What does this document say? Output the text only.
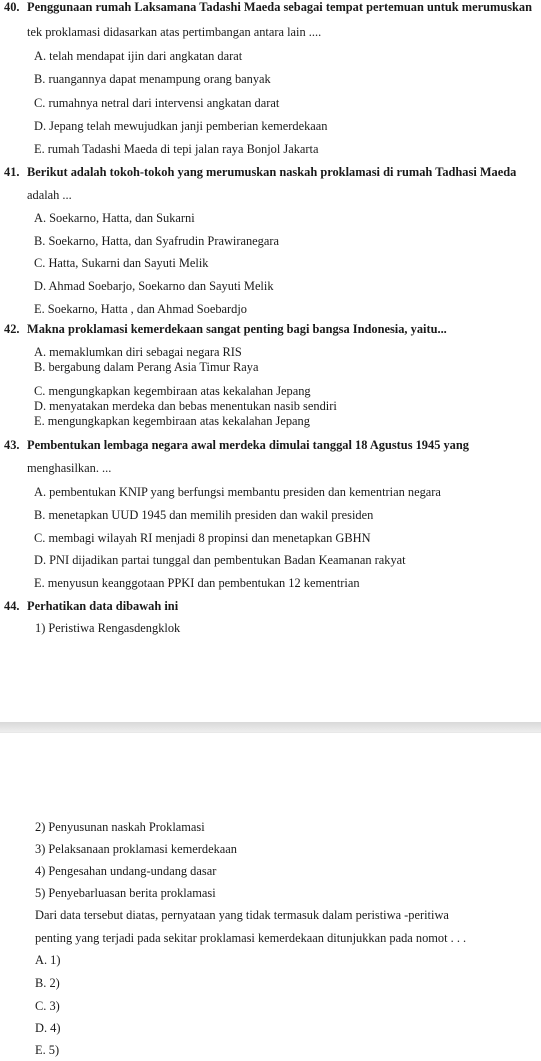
40. Penggunaan rumah Laksamana Tadashi Maeda sebagai tempat pertemuan untuk merumuskan
tek proklamasi didasarkan atas pertimbangan antara lain ....
A. telah mendapat ijin dari angkatan darat
B. ruangannya dapat menampung orang banyak
C. rumahnya netral dari intervensi angkatan darat
D. Jepang telah mewujudkan janji pemberian kemerdekaan
E. rumah Tadashi Maeda di tepi jalan raya Bonjol Jakarta
41. Berikut adalah tokoh-tokoh yang merumuskan naskah proklamasi di rumah Tadhasi Maeda
adalah ...
A. Soekarno, Hatta, dan Sukarni
B. Soekarno, Hatta, dan Syafrudin Prawiranegara
C. Hatta, Sukarni dan Sayuti Melik
D. Ahmad Soebarjo, Soekarno dan Sayuti Melik
E. Soekarno, Hatta , dan Ahmad Soebardjo
42. Makna proklamasi kemerdekaan sangat penting bagi bangsa Indonesia, yaitu...
A. memaklumkan diri sebagai negara RIS
B. bergabung dalam Perang Asia Timur Raya
C. mengungkapkan kegembiraan atas kekalahan Jepang
D. menyatakan merdeka dan bebas menentukan nasib sendiri
E. mengungkapkan kegembiraan atas kekalahan Jepang
43. Pembentukan lembaga negara awal merdeka dimulai tanggal 18 Agustus 1945 yang
menghasilkan. ...
A. pembentukan KNIP yang berfungsi membantu presiden dan kementrian negara
B. menetapkan UUD 1945 dan memilih presiden dan wakil presiden
C. membagi wilayah RI menjadi 8 propinsi dan menetapkan GBHN
D. PNI dijadikan partai tunggal dan pembentukan Badan Keamanan rakyat
E. menyusun keanggotaan PPKI dan pembentukan 12 kementrian
44. Perhatikan data dibawah ini
1) Peristiwa Rengasdengklok
2) Penyusunan naskah Proklamasi
3) Pelaksanaan proklamasi kemerdekaan
4) Pengesahan undang-undang dasar
5) Penyebarluasan berita proklamasi
Dari data tersebut diatas, pernyataan yang tidak termasuk dalam peristiwa -peritiwa
penting yang terjadi pada sekitar proklamasi kemerdekaan ditunjukkan pada nomot . . .
A. 1)
B. 2)
C. 3)
D. 4)
E. 5)
